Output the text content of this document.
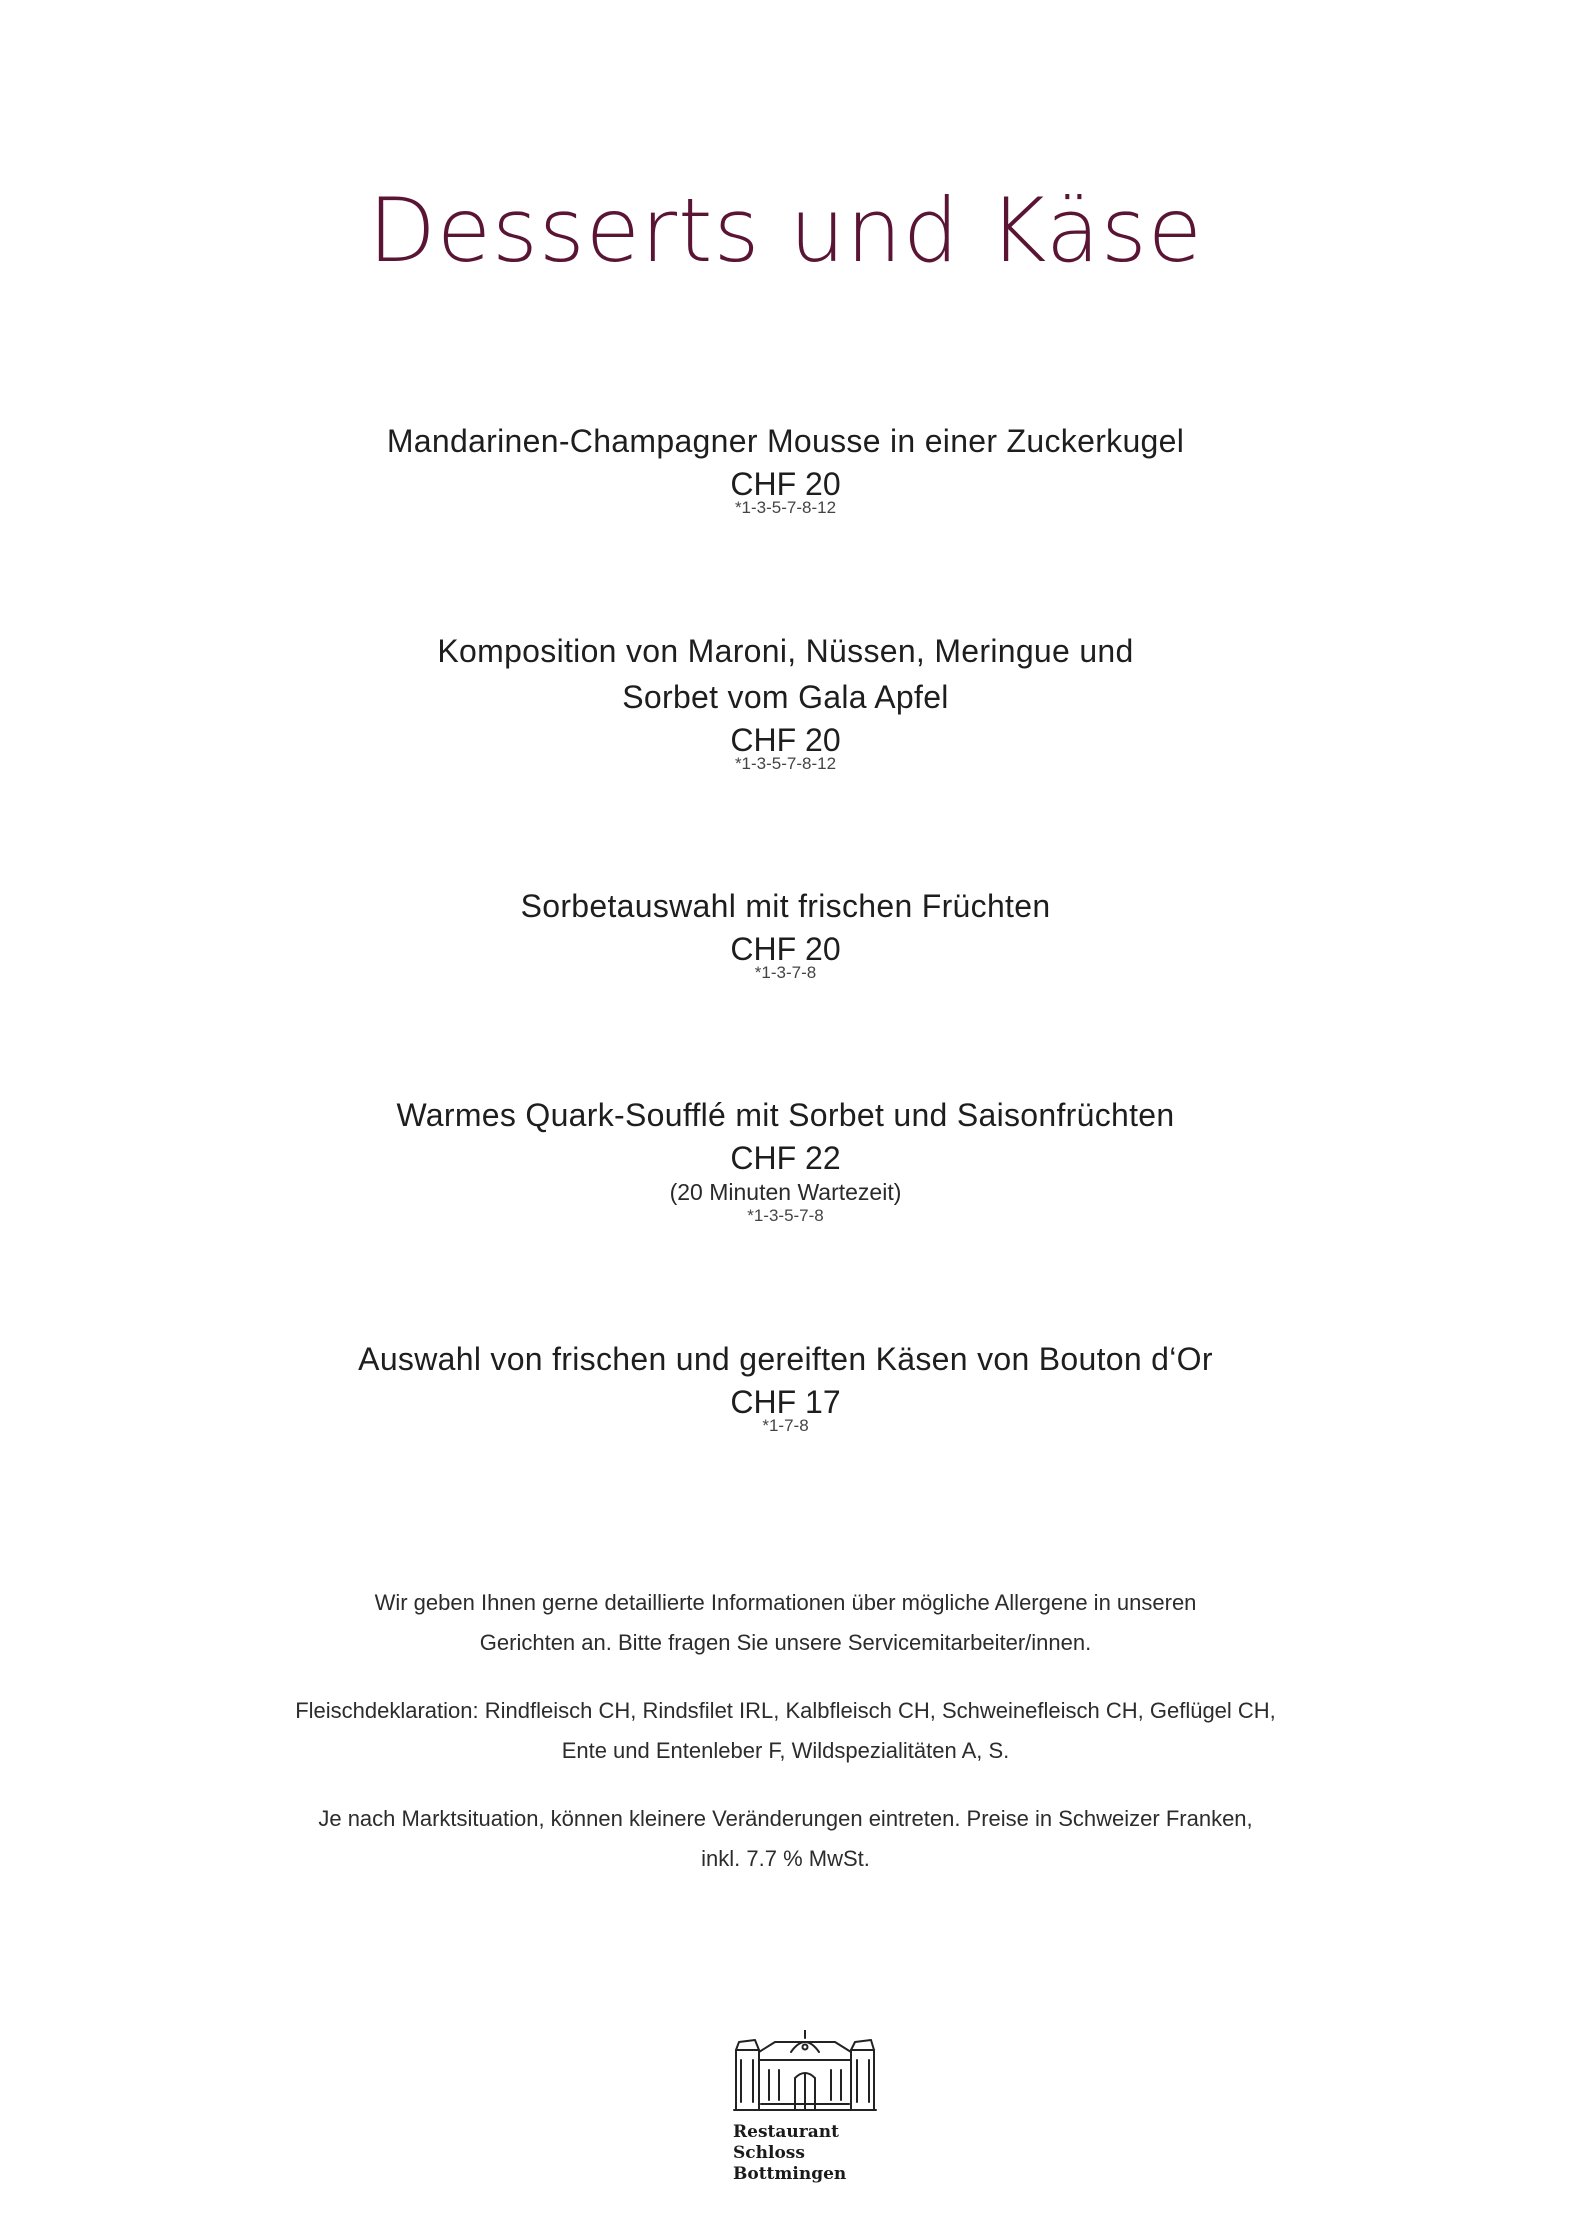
Desserts und Käse

Mandarinen-Champagner Mousse in einer Zuckerkugel

CHF 20

*1-3-5-7-8-12

Komposition von Maroni, Nüssen, Meringue und

Sorbet vom Gala Apfel

CHF 20

*1-3-5-7-8-12

Sorbetauswahl mit frischen Früchten

CHF 20

*1-3-7-8

Warmes Quark-Soufflé mit Sorbet und Saisonfrüchten

CHF 22

(20 Minuten Wartezeit)

*1-3-5-7-8

Auswahl von frischen und gereiften Käsen von Bouton d‘Or

CHF 17

*1-7-8

Wir geben Ihnen gerne detaillierte Informationen über mögliche Allergene in unseren
Gerichten an. Bitte fragen Sie unsere Servicemitarbeiter/innen.

Fleischdeklaration: Rindfleisch CH, Rindsfilet IRL, Kalbfleisch CH, Schweinefleisch CH, Geflügel CH,
Ente und Entenleber F, Wildspezialitäten A, S.

Je nach Marktsituation, können kleinere Veränderungen eintreten. Preise in Schweizer Franken,
inkl. 7.7 % MwSt.

Restaurant
Schloss
Bottmingen
